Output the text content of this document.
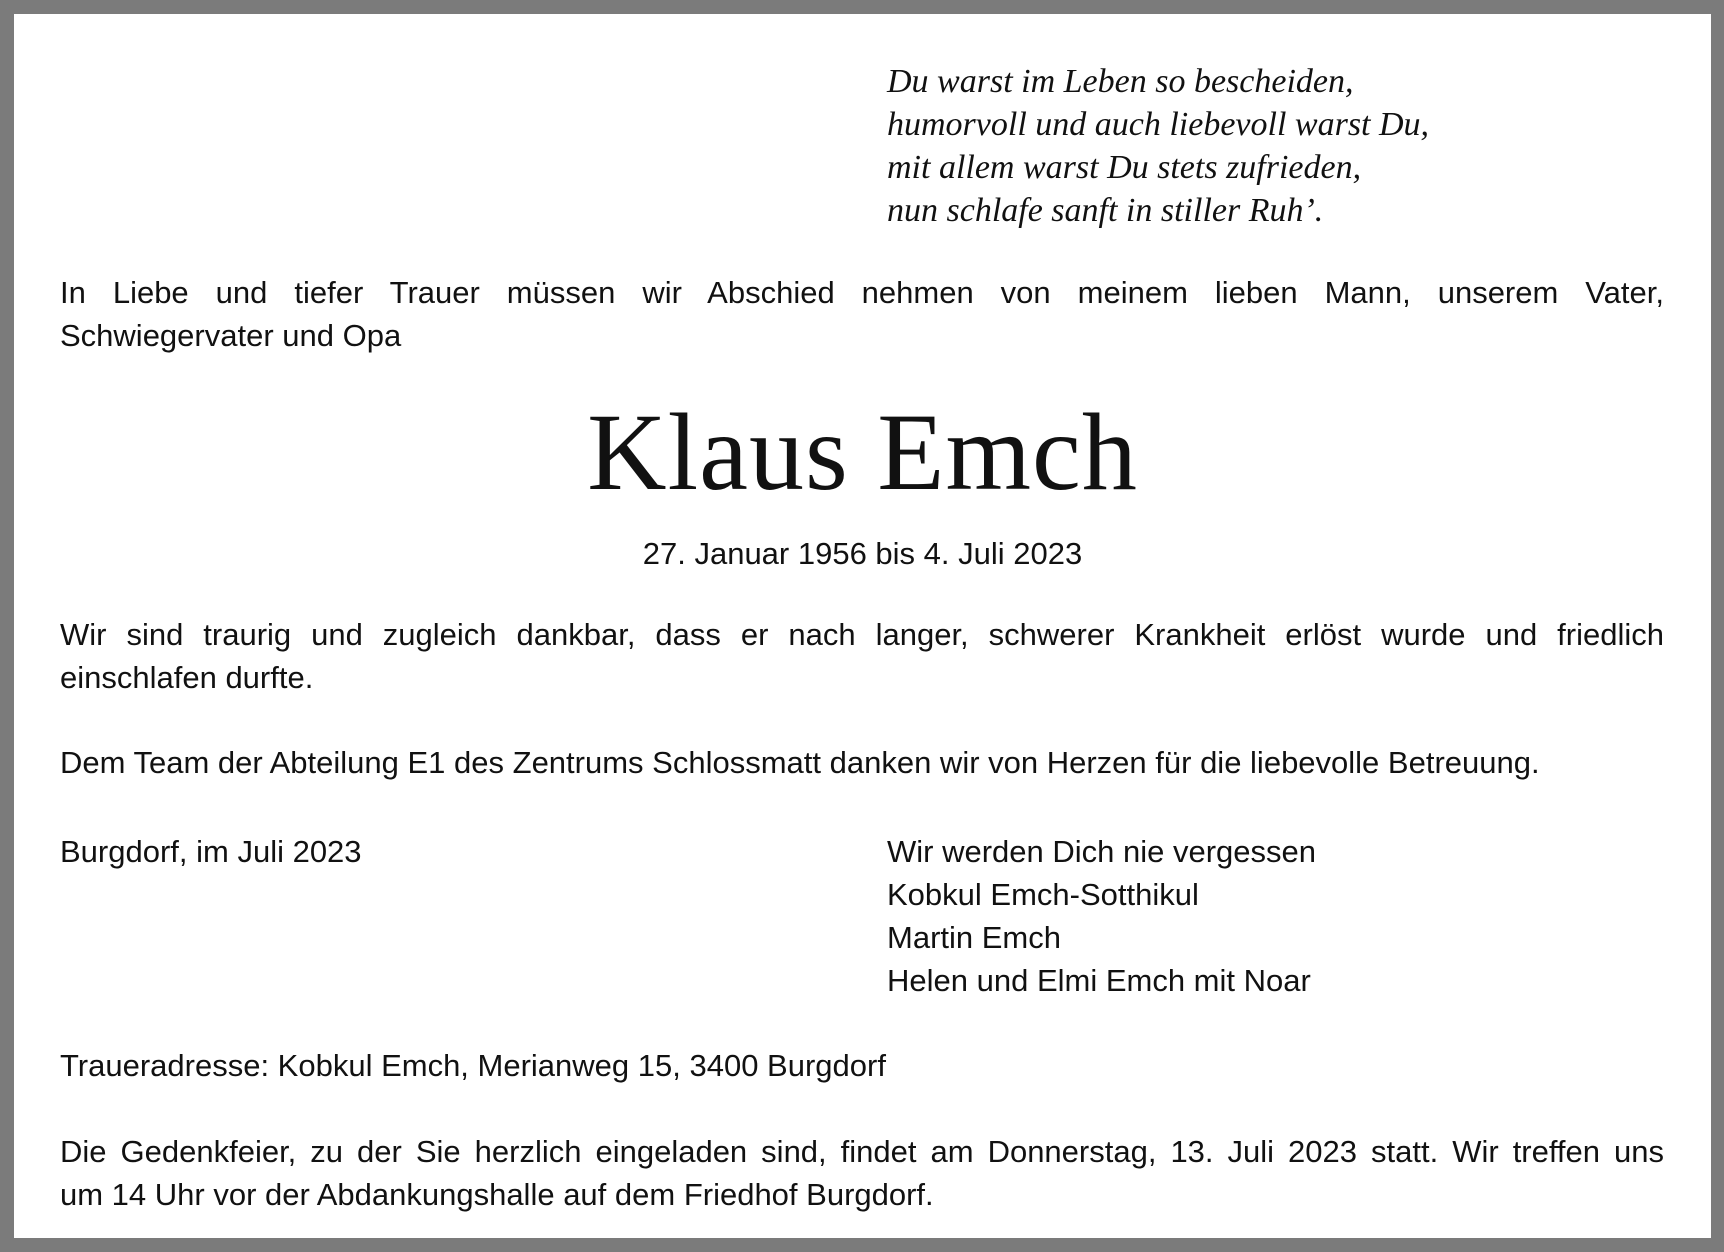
Du warst im Leben so bescheiden,
humorvoll und auch liebevoll warst Du,
mit allem warst Du stets zufrieden,
nun schlafe sanft in stiller Ruh’.
In Liebe und tiefer Trauer müssen wir Abschied nehmen von meinem lieben Mann, unserem Vater,
Schwiegervater und Opa
Klaus Emch
27. Januar 1956 bis 4. Juli 2023
Wir sind traurig und zugleich dankbar, dass er nach langer, schwerer Krankheit erlöst wurde und friedlich
einschlafen durfte.
Dem Team der Abteilung E1 des Zentrums Schlossmatt danken wir von Herzen für die liebevolle Betreuung.
Burgdorf, im Juli 2023	Wir werden Dich nie vergessen
Kobkul Emch-Sotthikul
Martin Emch
Helen und Elmi Emch mit Noar
Traueradresse: Kobkul Emch, Merianweg 15, 3400 Burgdorf
Die Gedenkfeier, zu der Sie herzlich eingeladen sind, findet am Donnerstag, 13. Juli 2023 statt. Wir treffen uns
um 14 Uhr vor der Abdankungshalle auf dem Friedhof Burgdorf.
